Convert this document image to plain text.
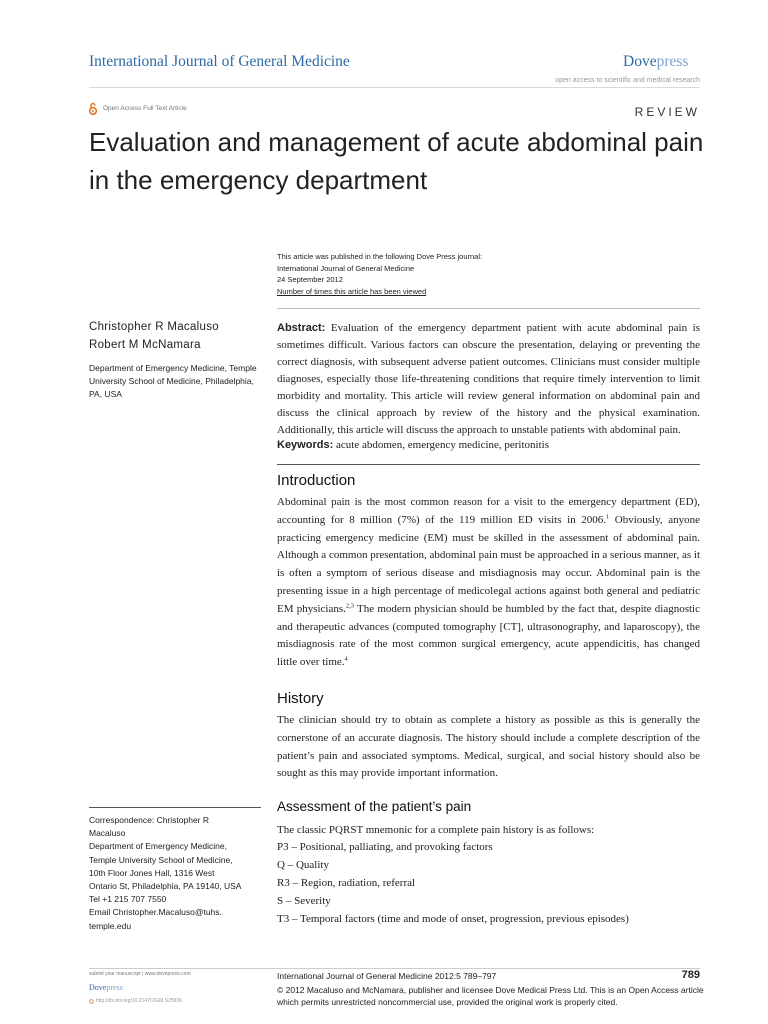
International Journal of General Medicine	Dovepress
open access to scientific and medical research
Open Access Full Text Article	REVIEW
Evaluation and management of acute abdominal pain in the emergency department
This article was published in the following Dove Press journal:
International Journal of General Medicine
24 September 2012
Number of times this article has been viewed
Christopher R Macaluso
Robert M McNamara
Department of Emergency Medicine, Temple University School of Medicine, Philadelphia, PA, USA
Correspondence: Christopher R
Macaluso
Department of Emergency Medicine,
Temple University School of Medicine,
10th Floor Jones Hall, 1316 West
Ontario St, Philadelphia, PA 19140, USA
Tel +1 215 707 7550
Email Christopher.Macaluso@tuhs.
temple.edu

Abstract: Evaluation of the emergency department patient with acute abdominal pain is sometimes difficult. Various factors can obscure the presentation, delaying or preventing the correct diagnosis, with subsequent adverse patient outcomes. Clinicians must consider multiple diagnoses, especially those life-threatening conditions that require timely intervention to limit morbidity and mortality. This article will review general information on abdominal pain and discuss the clinical approach by review of the history and the physical examination. Additionally, this article will discuss the approach to unstable patients with abdominal pain.

Keywords: acute abdomen, emergency medicine, peritonitis

Introduction

Abdominal pain is the most common reason for a visit to the emergency department (ED), accounting for 8 million (7%) of the 119 million ED visits in 2006.$^1$ Obviously, anyone practicing emergency medicine (EM) must be skilled in the assessment of abdominal pain. Although a common presentation, abdominal pain must be approached in a serious manner, as it is often a symptom of serious disease and misdiagnosis may occur. Abdominal pain is the presenting issue in a high percentage of medicolegal actions against both general and pediatric EM physicians.$^{2,3}$ The modern physician should be humbled by the fact that, despite diagnostic and therapeutic advances (computed tomography [CT], ultrasonography, and laparoscopy), the misdiagnosis rate of the most common surgical emergency, acute appendicitis, has changed little over time.$^4$

History

The clinician should try to obtain as complete a history as possible as this is generally the cornerstone of an accurate diagnosis. The history should include a complete description of the patient’s pain and associated symptoms. Medical, surgical, and social history should also be sought as this may provide important information.

Assessment of the patient’s pain

The classic PQRST mnemonic for a complete pain history is as follows:

P3 – Positional, palliating, and provoking factors
Q – Quality
R3 – Region, radiation, referral
S – Severity
T3 – Temporal factors (time and mode of onset, progression, previous episodes)
submit your manuscript | www.dovepress.com
Dovepress
http://dx.doi.org/10.2147/IJGM.S25936
International Journal of General Medicine 2012:5 789–797	789
© 2012 Macaluso and McNamara, publisher and licensee Dove Medical Press Ltd. This is an Open Access article which permits unrestricted noncommercial use, provided the original work is properly cited.
